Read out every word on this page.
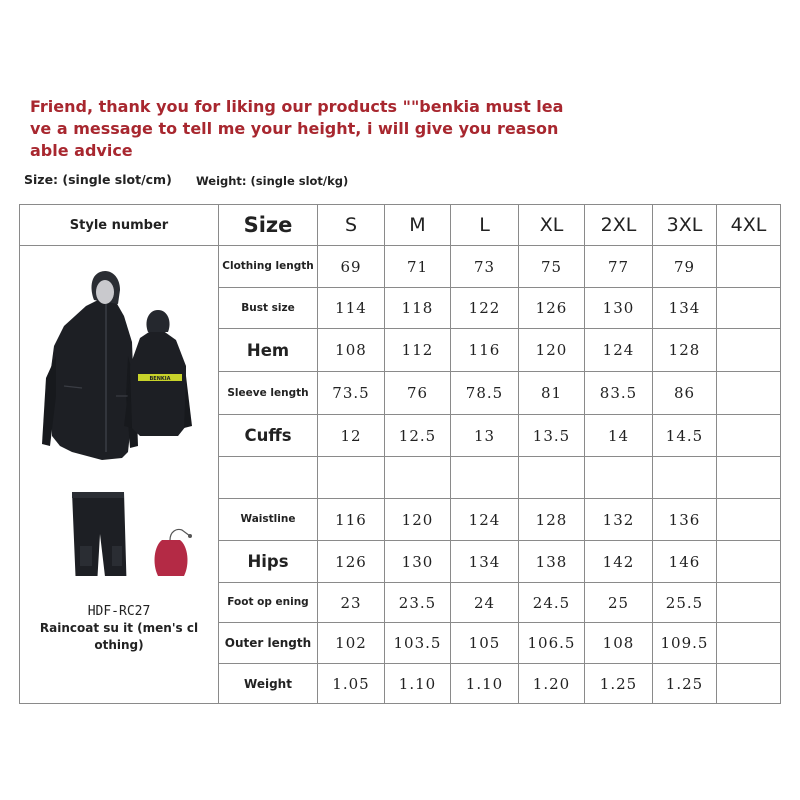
Friend, thank you for liking our products ""benkia must lea
ve a message to tell me your height, i will give you reason
able advice
Size: (single slot/cm) Weight: (single slot/kg)
Style number	Size	S	M	L	XL	2XL	3XL	4XL

BENKIA
HDF-RC27
Raincoat su it (men's cl othing)	Clothing length	69	71	73	75	77	79	
	Bust size	114	118	122	126	130	134	
	Hem	108	112	116	120	124	128	
	Sleeve length	73.5	76	78.5	81	83.5	86	
	Cuffs	12	12.5	13	13.5	14	14.5	

	Waistline	116	120	124	128	132	136	
	Hips	126	130	134	138	142	146	
	Foot op ening	23	23.5	24	24.5	25	25.5	
	Outer length	102	103.5	105	106.5	108	109.5	
	Weight	1.05	1.10	1.10	1.20	1.25	1.25	
